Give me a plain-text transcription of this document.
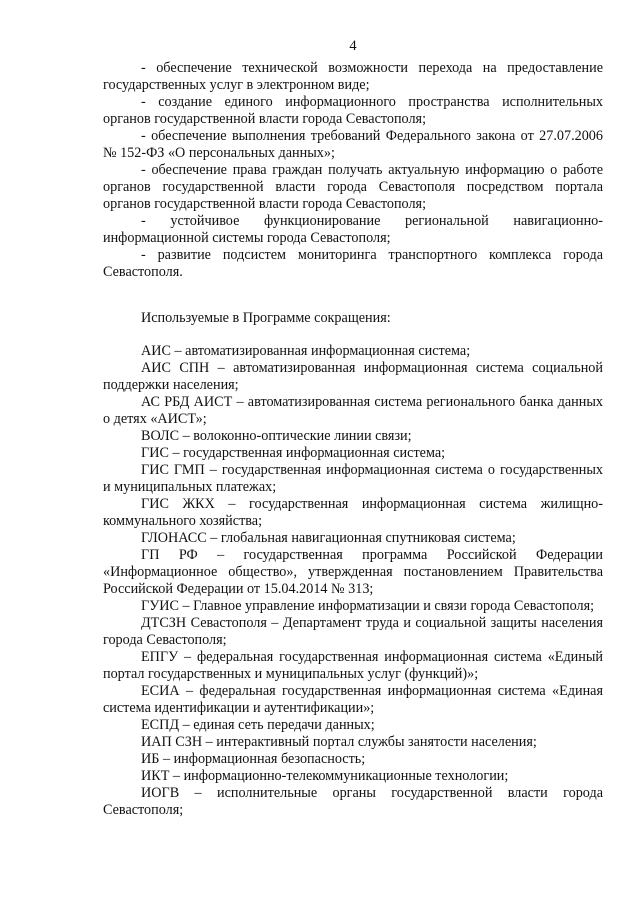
4

- обеспечение технической возможности перехода на предоставление государственных услуг в электронном виде;

- создание единого информационного пространства исполнительных органов государственной власти города Севастополя;

- обеспечение выполнения требований Федерального закона от 27.07.2006 № 152-ФЗ «О персональных данных»;

- обеспечение права граждан получать актуальную информацию о работе органов государственной власти города Севастополя посредством портала органов государственной власти города Севастополя;

- устойчивое функционирование региональной навигационно-информационной системы города Севастополя;

- развитие подсистем мониторинга транспортного комплекса города Севастополя.

Используемые в Программе сокращения:

АИС – автоматизированная информационная система;

АИС СПН – автоматизированная информационная система социальной поддержки населения;

АС РБД АИСТ – автоматизированная система регионального банка данных о детях «АИСТ»;

ВОЛС – волоконно-оптические линии связи;

ГИС – государственная информационная система;

ГИС ГМП – государственная информационная система о государственных и муниципальных платежах;

ГИС ЖКХ – государственная информационная система жилищно-коммунального хозяйства;

ГЛОНАСС – глобальная навигационная спутниковая система;

ГП РФ – государственная программа Российской Федерации «Информационное общество», утвержденная постановлением Правительства Российской Федерации от 15.04.2014 № 313;

ГУИС – Главное управление информатизации и связи города Севастополя;

ДТСЗН Севастополя – Департамент труда и социальной защиты населения города Севастополя;

ЕПГУ – федеральная государственная информационная система «Единый портал государственных и муниципальных услуг (функций)»;

ЕСИА – федеральная государственная информационная система «Единая система идентификации и аутентификации»;

ЕСПД – единая сеть передачи данных;

ИАП СЗН – интерактивный портал службы занятости населения;

ИБ – информационная безопасность;

ИКТ – информационно-телекоммуникационные технологии;

ИОГВ – исполнительные органы государственной власти города Севастополя;
